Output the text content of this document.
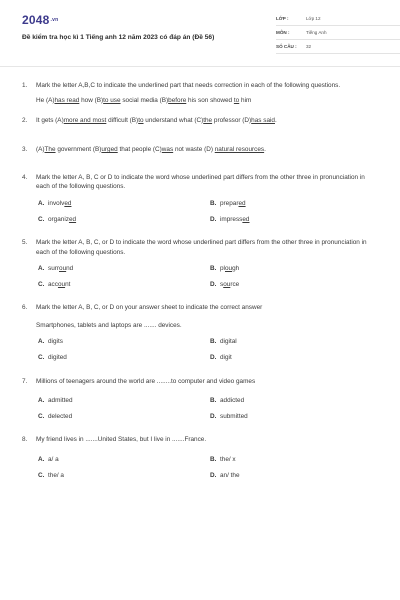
2048.vn
Đề kiểm tra học kì 1 Tiếng anh 12 năm 2023 có đáp án (Đề 56)
LỚP :	Lớp 12
MÔN :	Tiếng Anh
SỐ CÂU :	32
1. Mark the letter A,B,C to indicate the underlined part that needs correction in each of the following questions.
He (A)has read how (B)to use social media (B)before his son showed to him
2. It gets (A)more and most difficult (B)to understand what (C)the professor (D)has said.
3. (A)The government (B)urged that people (C)was not waste (D) natural resources.
4. Mark the letter A, B, C or D to indicate the word whose underlined part differs from the other three in pronunciation in each of the following questions.
A. involved	B. prepared
C. organized	D. impressed
5. Mark the letter A, B, C, or D to indicate the word whose underlined part differs from the other three in pronunciation in each of the following questions.
A. surround	B. plough
C. account	D. source
6. Mark the letter A, B, C, or D on your answer sheet to indicate the correct answer
Smartphones, tablets and laptops are ....... devices.
A. digits	B. digital
C. digited	D. digit
7. Millions of teenagers around the world are ........to computer and video games
A. admitted	B. addicted
C. delected	D. submitted
8. My friend lives in .......United States, but I live in .......France.
A. a/ a	B. the/ x
C. the/ a	D. an/ the
